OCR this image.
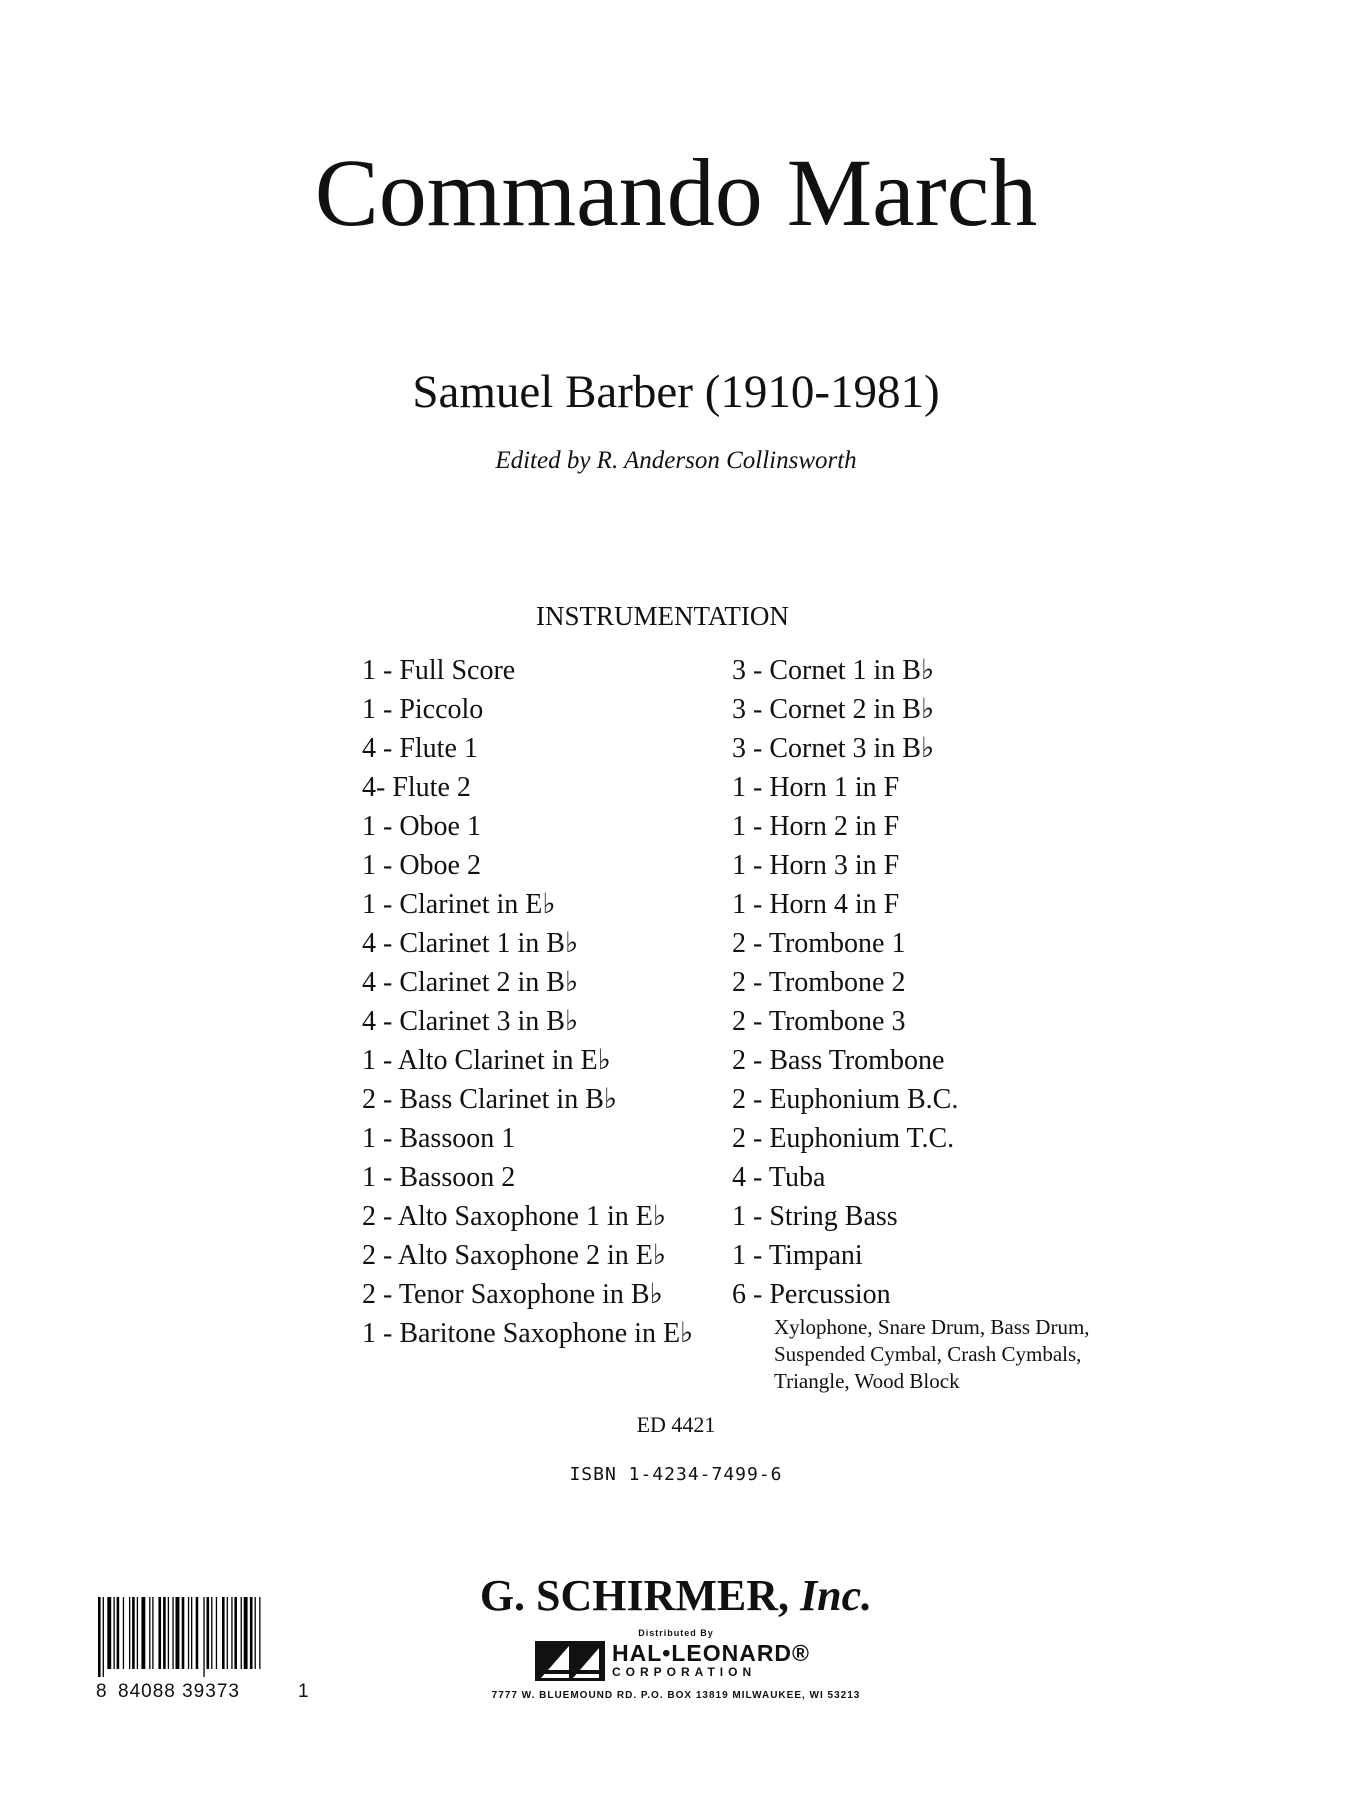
Commando March
Samuel Barber (1910-1981)
Edited by R. Anderson Collinsworth
INSTRUMENTATION
1 - Full Score
1 - Piccolo
4 - Flute 1
4- Flute 2
1 - Oboe 1
1 - Oboe 2
1 - Clarinet in E♭
4 - Clarinet 1 in B♭
4 - Clarinet 2 in B♭
4 - Clarinet 3 in B♭
1 - Alto Clarinet in E♭
2 - Bass Clarinet in B♭
1 - Bassoon 1
1 - Bassoon 2
2 - Alto Saxophone 1 in E♭
2 - Alto Saxophone 2 in E♭
2 - Tenor Saxophone in B♭
1 - Baritone Saxophone in E♭
3 - Cornet 1 in B♭
3 - Cornet 2 in B♭
3 - Cornet 3 in B♭
1 - Horn 1 in F
1 - Horn 2 in F
1 - Horn 3 in F
1 - Horn 4 in F
2 - Trombone 1
2 - Trombone 2
2 - Trombone 3
2 - Bass Trombone
2 - Euphonium B.C.
2 - Euphonium T.C.
4 - Tuba
1 - String Bass
1 - Timpani
6 - Percussion
Xylophone, Snare Drum, Bass Drum,
Suspended Cymbal, Crash Cymbals,
Triangle, Wood Block
ED 4421
ISBN 1-4234-7499-6
G. SCHIRMER, Inc.
Distributed By
HAL•LEONARD®
CORPORATION
7777 W. BLUEMOUND RD. P.O. BOX 13819 MILWAUKEE, WI 53213
8 84088 39373	1
